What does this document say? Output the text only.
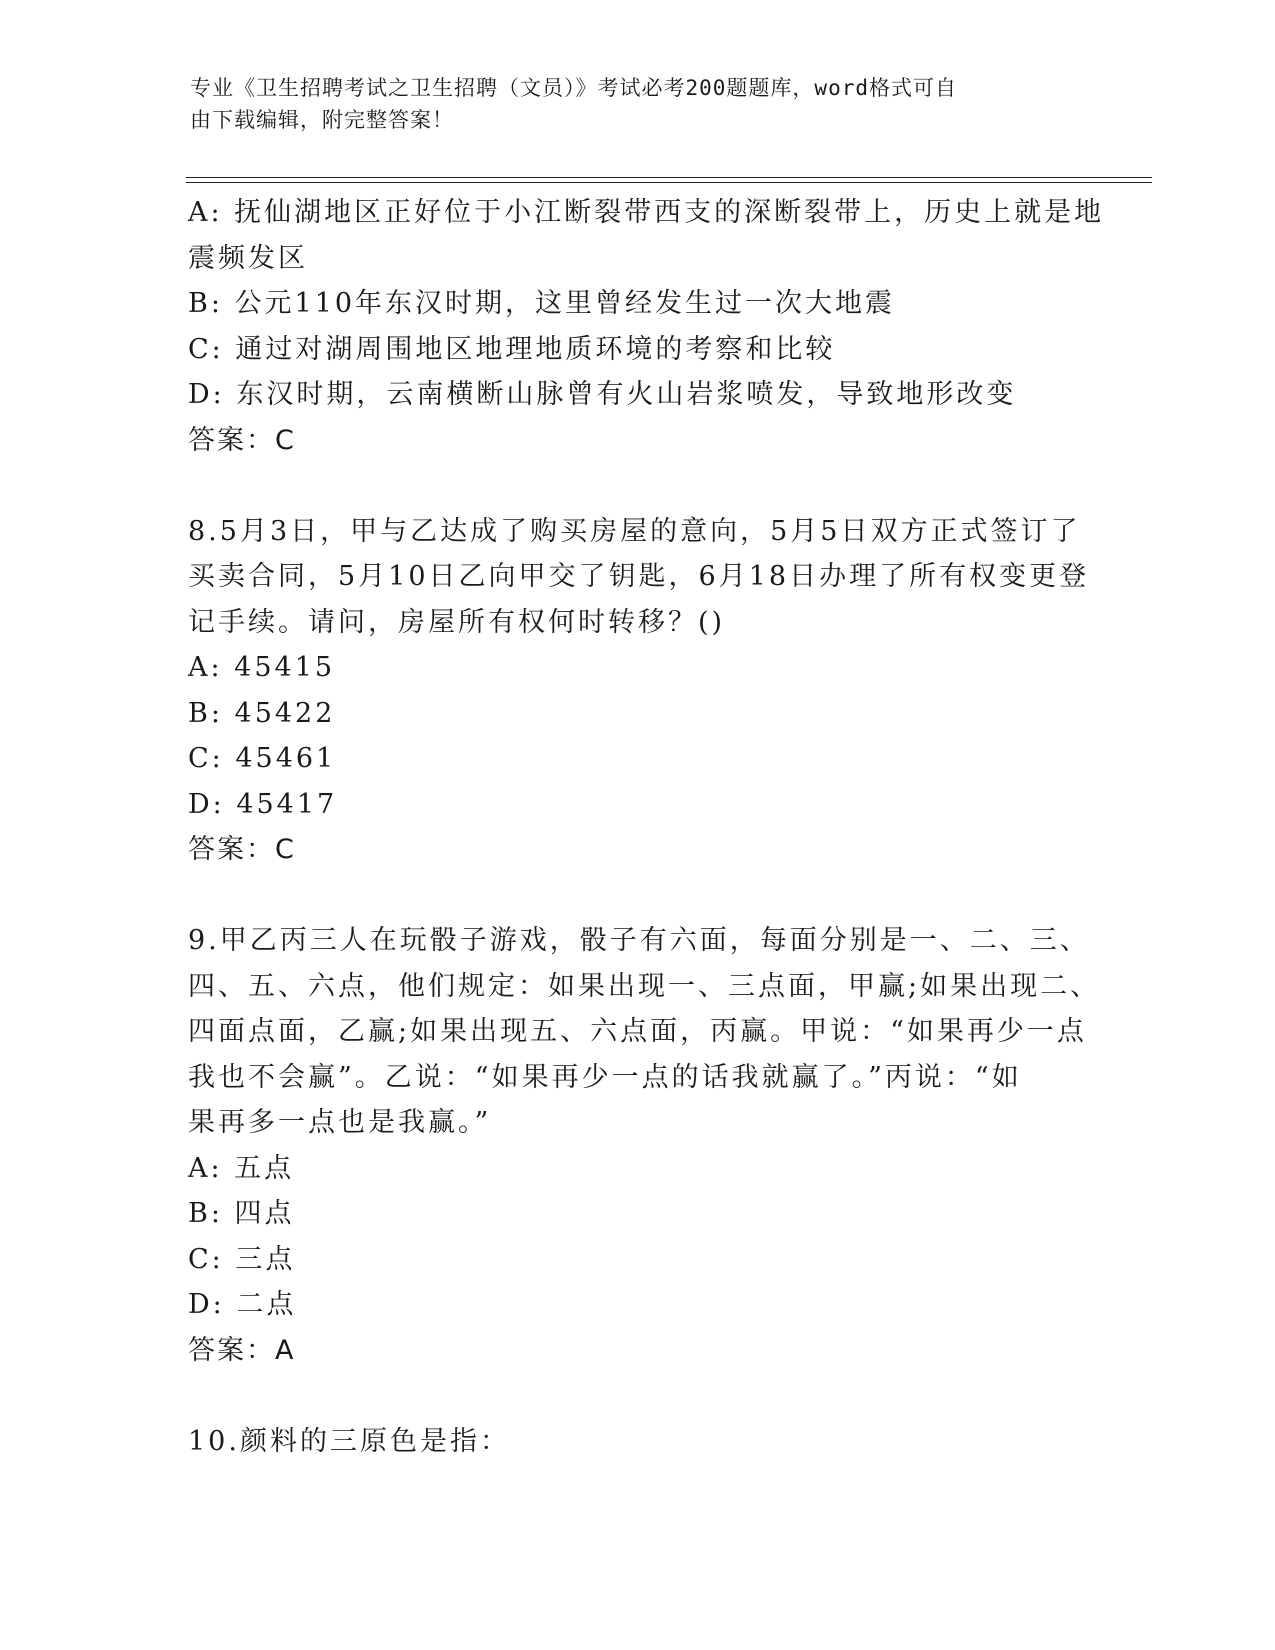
专业《卫生招聘考试之卫生招聘（文员）》考试必考200题题库，word格式可自
由下载编辑，附完整答案！
A: 抚仙湖地区正好位于小江断裂带西支的深断裂带上，历史上就是地
震频发区
B: 公元110年东汉时期，这里曾经发生过一次大地震
C: 通过对湖周围地区地理地质环境的考察和比较
D: 东汉时期，云南横断山脉曾有火山岩浆喷发，导致地形改变
答案：C
8.5月3日，甲与乙达成了购买房屋的意向，5月5日双方正式签订了
买卖合同，5月10日乙向甲交了钥匙，6月18日办理了所有权变更登
记手续。请问，房屋所有权何时转移？()
A: 45415
B: 45422
C: 45461
D: 45417
答案：C
9.甲乙丙三人在玩骰子游戏，骰子有六面，每面分别是一、二、三、
四、五、六点，他们规定：如果出现一、三点面，甲赢;如果出现二、
四面点面，乙赢;如果出现五、六点面，丙赢。甲说：“如果再少一点
我也不会赢”。乙说：“如果再少一点的话我就赢了。”丙说：“如
果再多一点也是我赢。”
A: 五点
B: 四点
C: 三点
D: 二点
答案：A
10.颜料的三原色是指：
